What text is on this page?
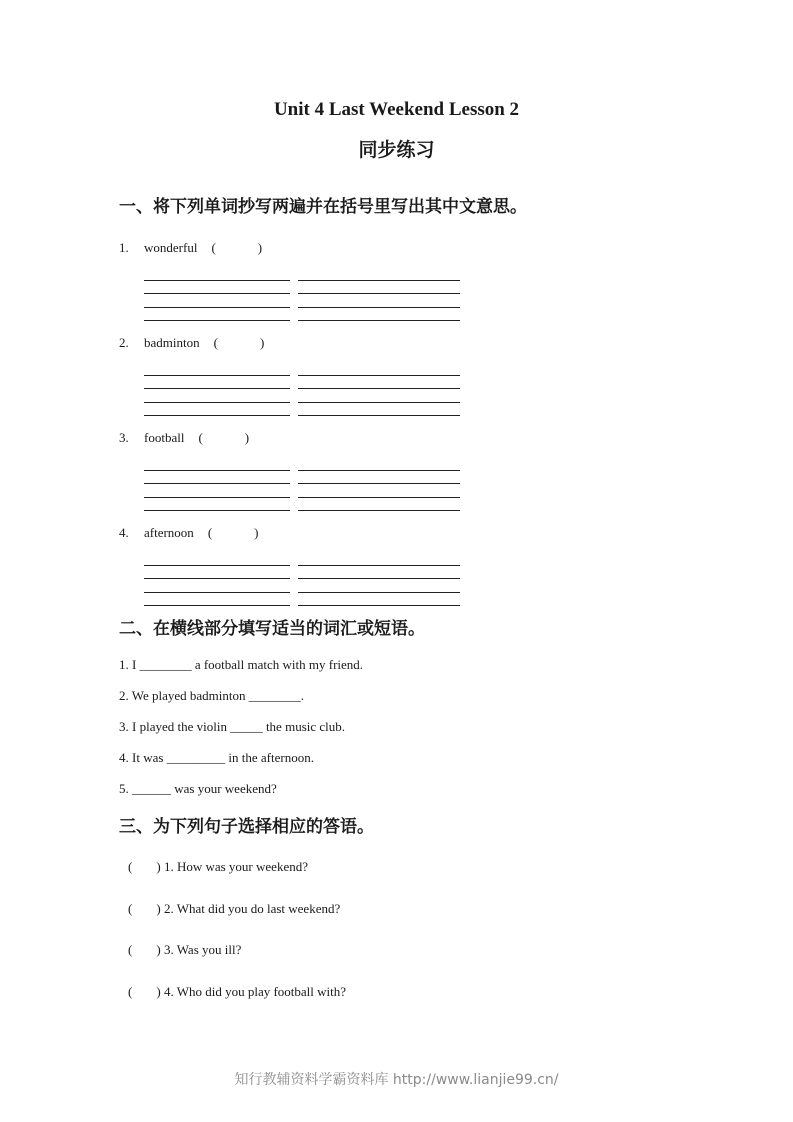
Unit 4 Last Weekend Lesson 2
同步练习
一、将下列单词抄写两遍并在括号里写出其中文意思。
1. wonderful (	)
2. badminton (	)
3. football (	)
4. afternoon (	)
二、在横线部分填写适当的词汇或短语。
1. I ________ a football match with my friend.
2. We played badminton ________.
3. I played the violin _____ the music club.
4. It was _________ in the afternoon.
5. ______ was your weekend?
三、为下列句子选择相应的答语。
( ) 1. How was your weekend?
( ) 2. What did you do last weekend?
( ) 3. Was you ill?
( ) 4. Who did you play football with?
知行教辅资料学霸资料库 http://www.lianjie99.cn/
